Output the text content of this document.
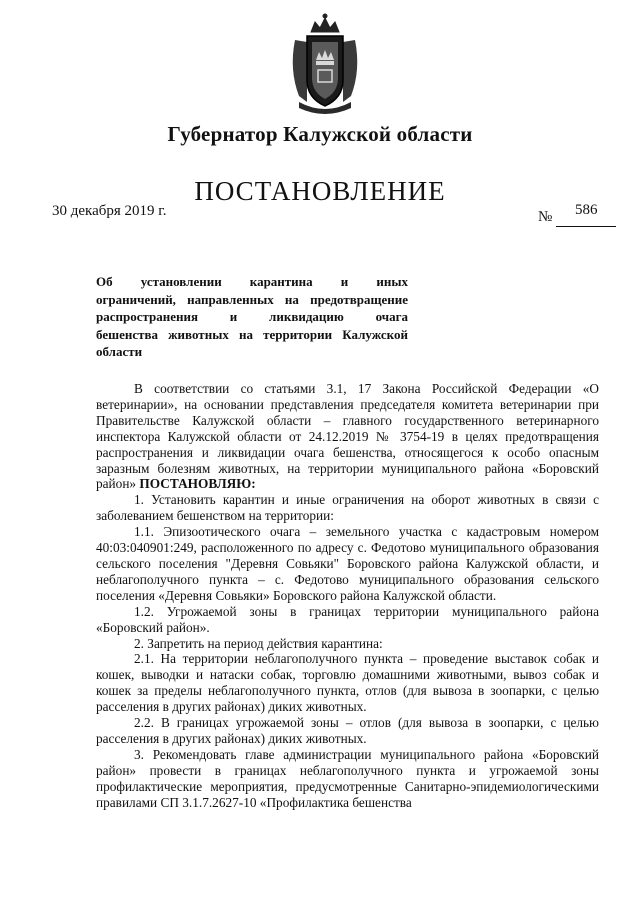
Губернатор Калужской области
ПОСТАНОВЛЕНИЕ
30 декабря 2019 г.	№ 586
Об установлении карантина и иных
ограничений, направленных на предотвращение
распространения и ликвидацию очага
бешенства животных на территории Калужской
области

В соответствии со статьями 3.1, 17 Закона Российской Федерации «О ветеринарии», на основании представления председателя комитета ветеринарии при Правительстве Калужской области – главного государственного ветеринарного инспектора Калужской области от 24.12.2019 № 3754-19 в целях предотвращения распространения и ликвидации очага бешенства, относящегося к особо опасным заразным болезням животных, на территории муниципального района «Боровский район» ПОСТАНОВЛЯЮ:

1. Установить карантин и иные ограничения на оборот животных в связи с заболеванием бешенством на территории:

1.1. Эпизоотического очага – земельного участка с кадастровым номером 40:03:040901:249, расположенного по адресу с. Федотово муниципального образования сельского поселения "Деревня Совьяки" Боровского района Калужской области, и неблагополучного пункта – с. Федотово муниципального образования сельского поселения «Деревня Совьяки» Боровского района Калужской области.

1.2. Угрожаемой зоны в границах территории муниципального района «Боровский район».

2. Запретить на период действия карантина:

2.1. На территории неблагополучного пункта – проведение выставок собак и кошек, выводки и натаски собак, торговлю домашними животными, вывоз собак и кошек за пределы неблагополучного пункта, отлов (для вывоза в зоопарки, с целью расселения в других районах) диких животных.

2.2. В границах угрожаемой зоны – отлов (для вывоза в зоопарки, с целью расселения в других районах) диких животных.

3. Рекомендовать главе администрации муниципального района «Боровский район» провести в границах неблагополучного пункта и угрожаемой зоны профилактические мероприятия, предусмотренные Санитарно-эпидемиологическими правилами СП 3.1.7.2627-10 «Профилактика бешенства
